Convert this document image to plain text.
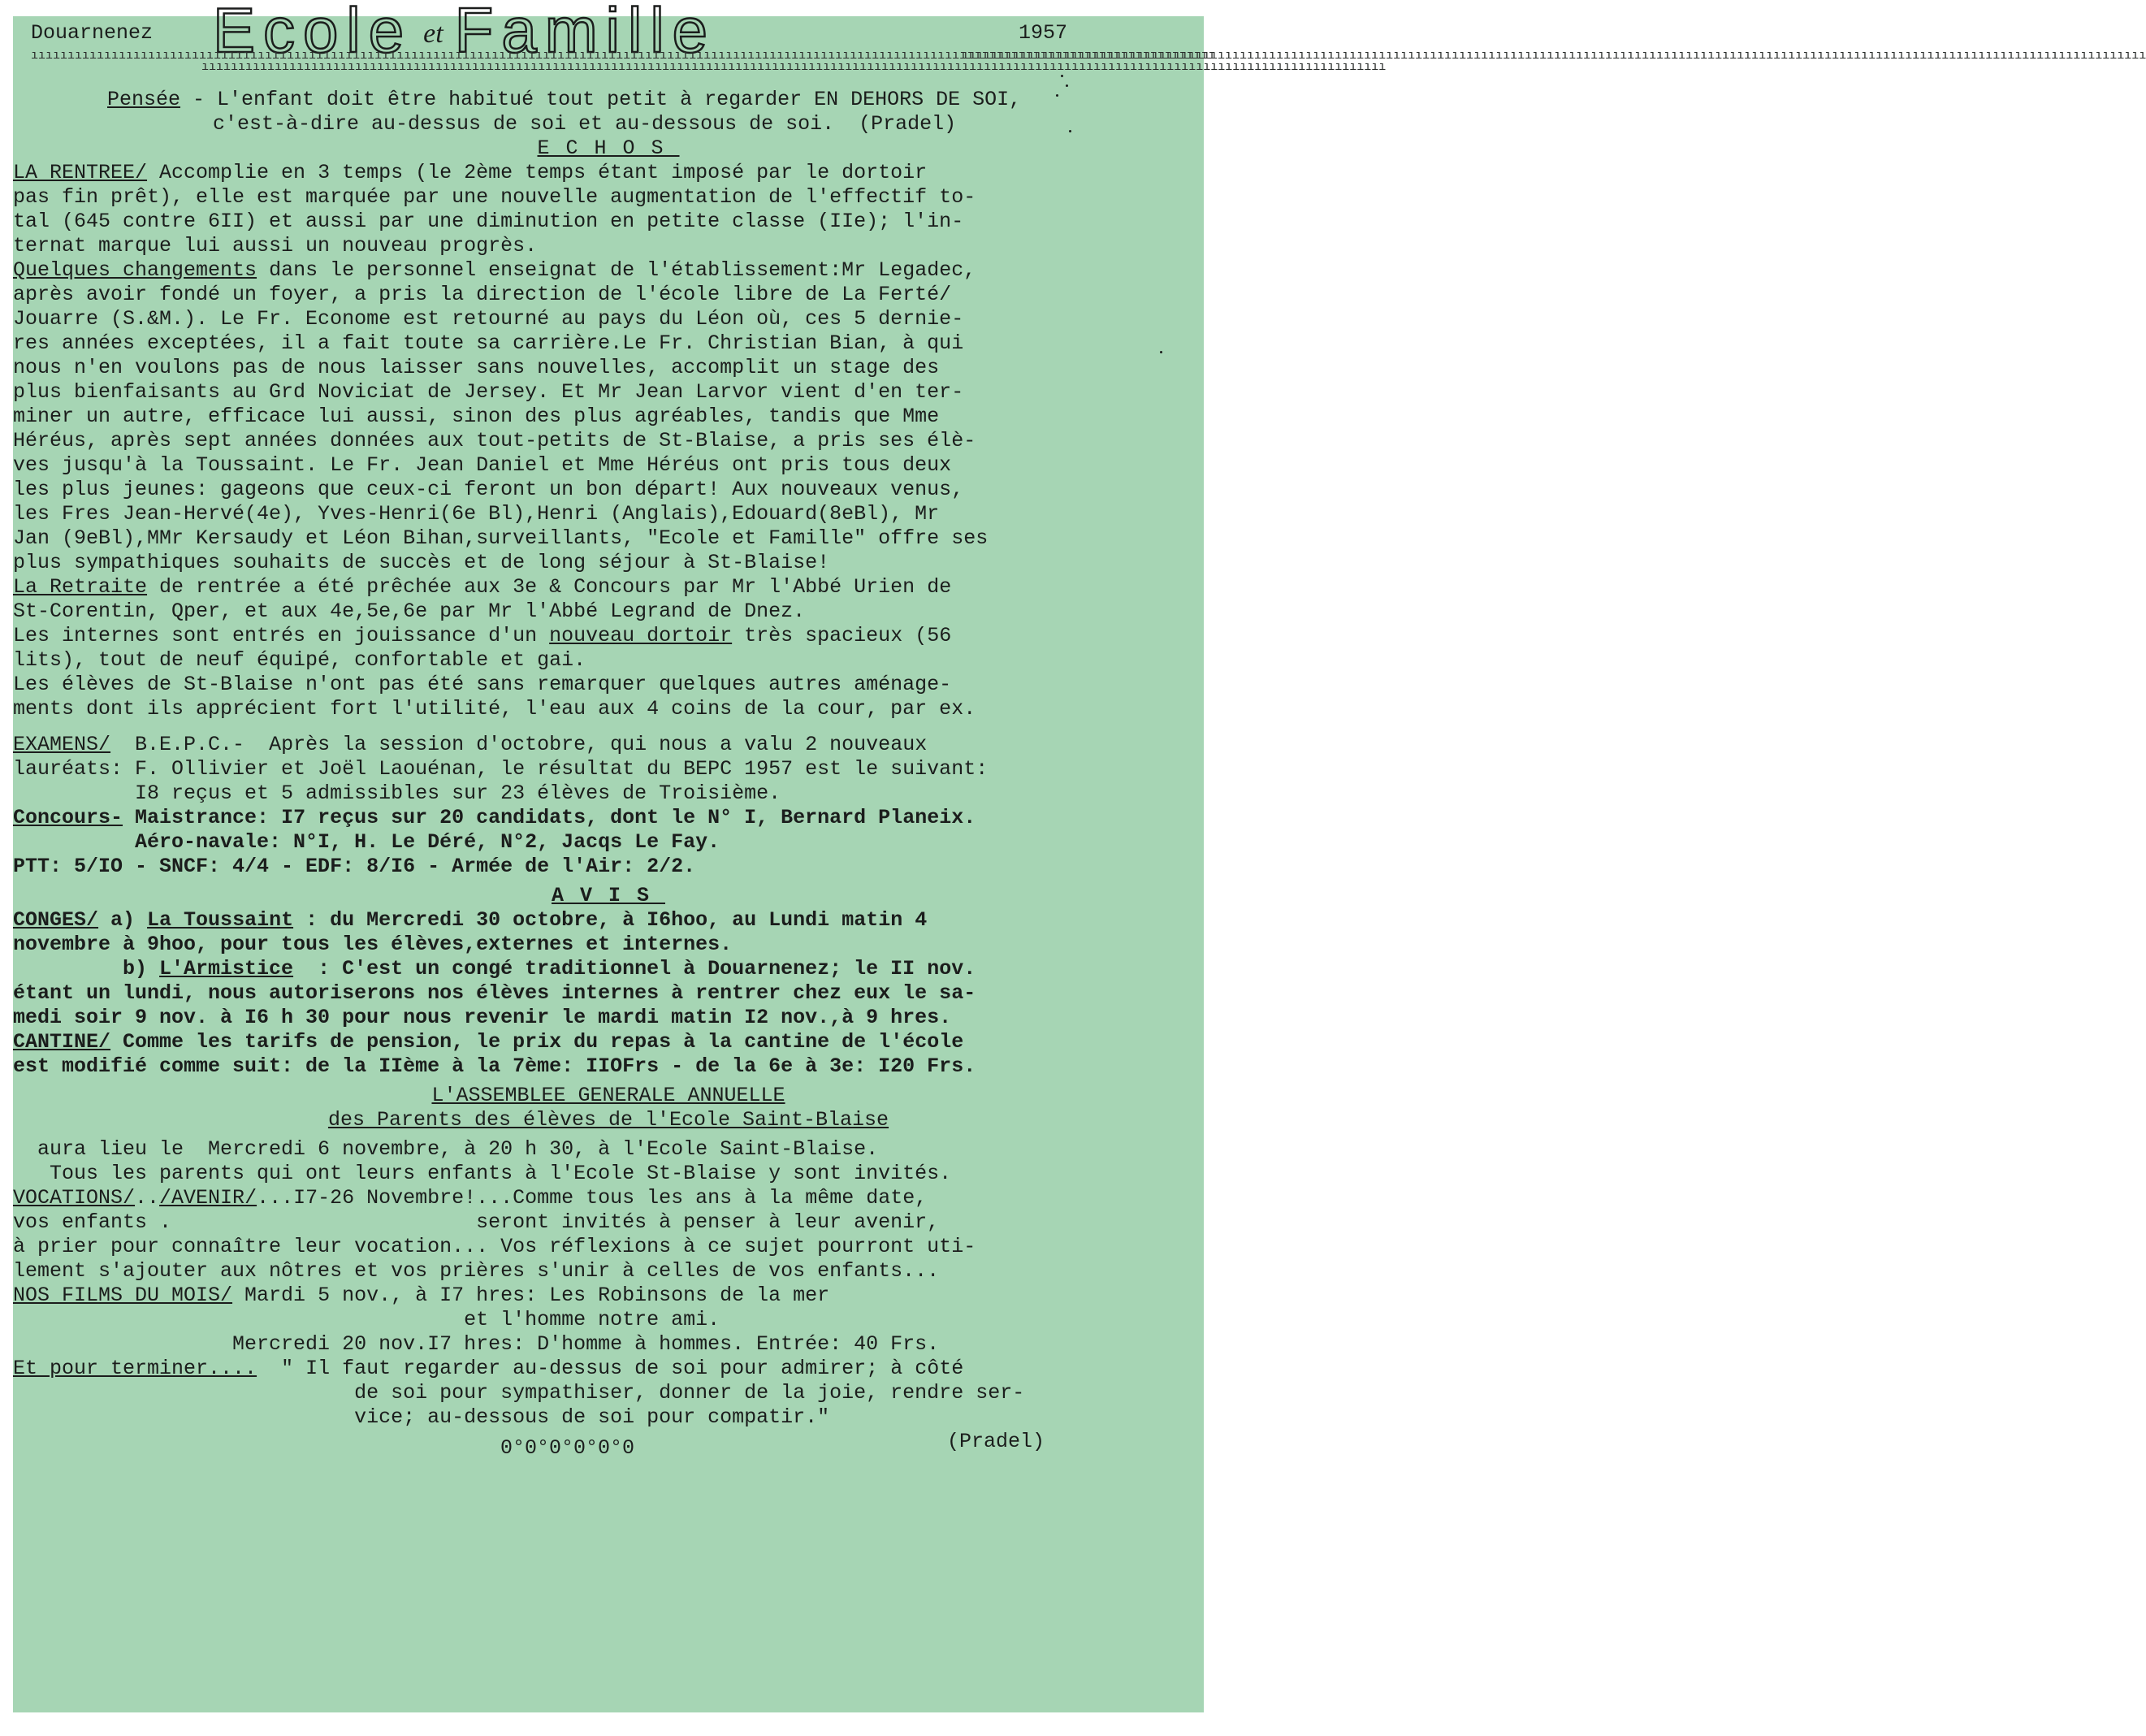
Douarnenez Ecole et Famille	1957
ıııııııııııııııııııııııııııııııııııııııııııııııııııııııııııııııııııııııııııııııııııııııııııııııııııııııııııııııııııııııııııııııııııııııııııııııııııııııııııııııııı
ıııııııııııııııııııııııııııııııııııııııııııııııııııııııııııııııııııııııııııııııııııııııııııııııııııııııııııııııııııııııııııııııııııııııııııııııııııııııııııııııııı
ıııııııııııııııııııııııııııııııııııııııııııııııııııııııııııııııııııııııııııııııııııııııııııııııııııııııııııııııııııııııııııııııııııııııııııııııııııııııııııııııııı
Pensée - L'enfant doit être habitué tout petit à regarder EN DEHORS DE SOI,
c'est-à-dire au-dessus de soi et au-dessous de soi.  (Pradel)
ECHOS
LA RENTREE/ Accomplie en 3 temps (le 2ème temps étant imposé par le dortoir
pas fin prêt), elle est marquée par une nouvelle augmentation de l'effectif to-
tal (645 contre 6II) et aussi par une diminution en petite classe (IIe); l'in-
ternat marque lui aussi un nouveau progrès.
Quelques changements dans le personnel enseignat de l'établissement:Mr Legadec,
après avoir fondé un foyer, a pris la direction de l'école libre de La Ferté/
Jouarre (S.&M.). Le Fr. Econome est retourné au pays du Léon où, ces 5 dernie-
res années exceptées, il a fait toute sa carrière.Le Fr. Christian Bian, à qui
nous n'en voulons pas de nous laisser sans nouvelles, accomplit un stage des
plus bienfaisants au Grd Noviciat de Jersey. Et Mr Jean Larvor vient d'en ter-
miner un autre, efficace lui aussi, sinon des plus agréables, tandis que Mme
Héréus, après sept années données aux tout-petits de St-Blaise, a pris ses élè-
ves jusqu'à la Toussaint. Le Fr. Jean Daniel et Mme Héréus ont pris tous deux
les plus jeunes: gageons que ceux-ci feront un bon départ! Aux nouveaux venus,
les Fres Jean-Hervé(4e), Yves-Henri(6e Bl),Henri (Anglais),Edouard(8eBl), Mr
Jan (9eBl),MMr Kersaudy et Léon Bihan,surveillants, "Ecole et Famille" offre ses
plus sympathiques souhaits de succès et de long séjour à St-Blaise!
La Retraite de rentrée a été prêchée aux 3e & Concours par Mr l'Abbé Urien de
St-Corentin, Qper, et aux 4e,5e,6e par Mr l'Abbé Legrand de Dnez.
Les internes sont entrés en jouissance d'un nouveau dortoir très spacieux (56
lits), tout de neuf équipé, confortable et gai.
Les élèves de St-Blaise n'ont pas été sans remarquer quelques autres aménage-
ments dont ils apprécient fort l'utilité, l'eau aux 4 coins de la cour, par ex.
EXAMENS/  B.E.P.C.-  Après la session d'octobre, qui nous a valu 2 nouveaux
lauréats: F. Ollivier et Joël Laouénan, le résultat du BEPC 1957 est le suivant:
I8 reçus et 5 admissibles sur 23 élèves de Troisième.
Concours- Maistrance: I7 reçus sur 20 candidats, dont le N° I, Bernard Planeix.
Aéro-navale: N°I, H. Le Déré, N°2, Jacqs Le Fay.
PTT: 5/IO - SNCF: 4/4 - EDF: 8/I6 - Armée de l'Air: 2/2.
AVIS
CONGES/ a) La Toussaint : du Mercredi 30 octobre, à I6hoo, au Lundi matin 4
novembre à 9hoo, pour tous les élèves,externes et internes.
b) L'Armistice  : C'est un congé traditionnel à Douarnenez; le II nov.
étant un lundi, nous autoriserons nos élèves internes à rentrer chez eux le sa-
medi soir 9 nov. à I6 h 30 pour nous revenir le mardi matin I2 nov.,à 9 hres.
CANTINE/ Comme les tarifs de pension, le prix du repas à la cantine de l'école
est modifié comme suit: de la IIème à la 7ème: IIOFrs - de la 6e à 3e: I20 Frs.
L'ASSEMBLEE GENERALE ANNUELLE
des Parents des élèves de l'Ecole Saint-Blaise
aura lieu le  Mercredi 6 novembre, à 20 h 30, à l'Ecole Saint-Blaise.
Tous les parents qui ont leurs enfants à l'Ecole St-Blaise y sont invités.
VOCATIONS/../AVENIR/...I7-26 Novembre!...Comme tous les ans à la même date,
vos enfants .                         seront invités à penser à leur avenir,
à prier pour connaître leur vocation... Vos réflexions à ce sujet pourront uti-
lement s'ajouter aux nôtres et vos prières s'unir à celles de vos enfants...
NOS FILMS DU MOIS/ Mardi 5 nov., à I7 hres: Les Robinsons de la mer
et l'homme notre ami.
Mercredi 20 nov.I7 hres: D'homme à hommes. Entrée: 40 Frs.
Et pour terminer....  " Il faut regarder au-dessus de soi pour admirer; à côté
de soi pour sympathiser, donner de la joie, rendre ser-
vice; au-dessous de soi pour compatir."
(Pradel)
0°0°0°0°0°0
